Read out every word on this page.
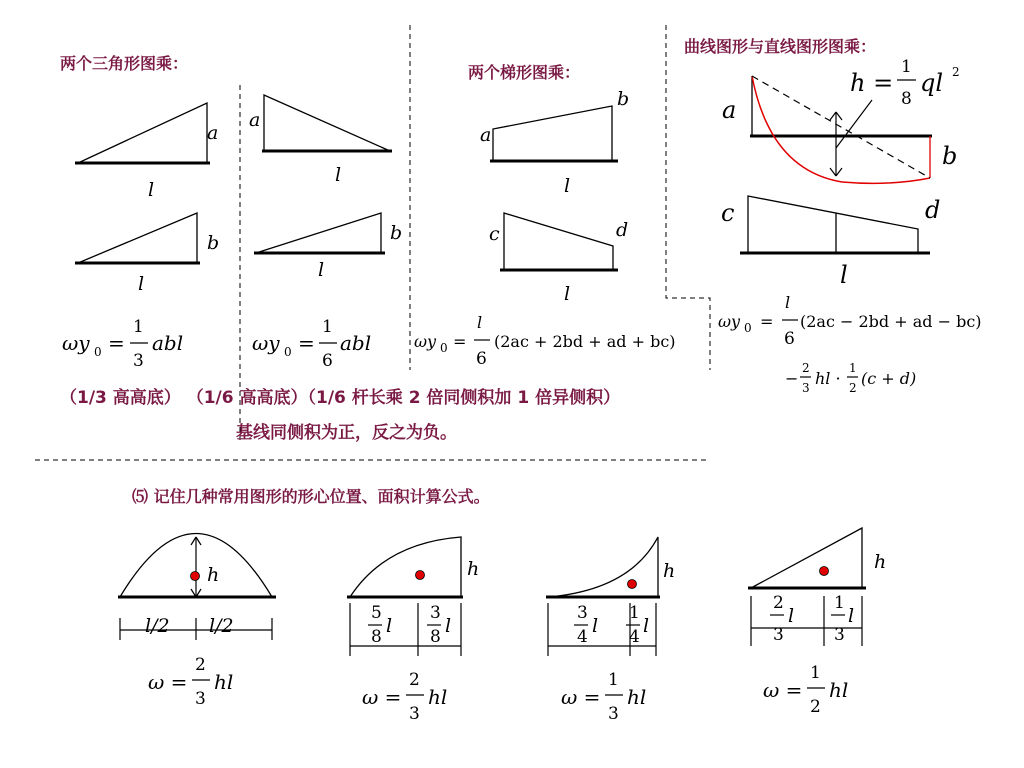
两个三角形图乘：	两个梯形图乘：
曲线图形与直线图形图乘：
a
l
b
l
a
l
b
l
ωy 0 =
1
3
abl	ωy 0 =
1
6
abl
a
b
l
c	d
l
ωy 0 =
l
6
(2ac + 2bd + ad + bc)
a
b
h =
1
8
ql 2
c	d
l
ωy 0 =
l
6
(2ac − 2bd + ad − bc)
−
2
3 hl ·
1
2 (c + d)
（1/3 高高底） （1/6 高高底）（1/6 杆长乘 2 倍同侧积加 1 倍异侧积）
基线同侧积为正，反之为负。
⑸ 记住几种常用图形的形心位置、面积计算公式。
h
l/2 l/2
ω =
2
3
hl
h
5
8 l
3
8 l
ω =
2
3
hl
h
3
4 l
1
4 l
ω =
1
3
hl
h
2
3
l
1
3
l
ω =
1
2
hl
